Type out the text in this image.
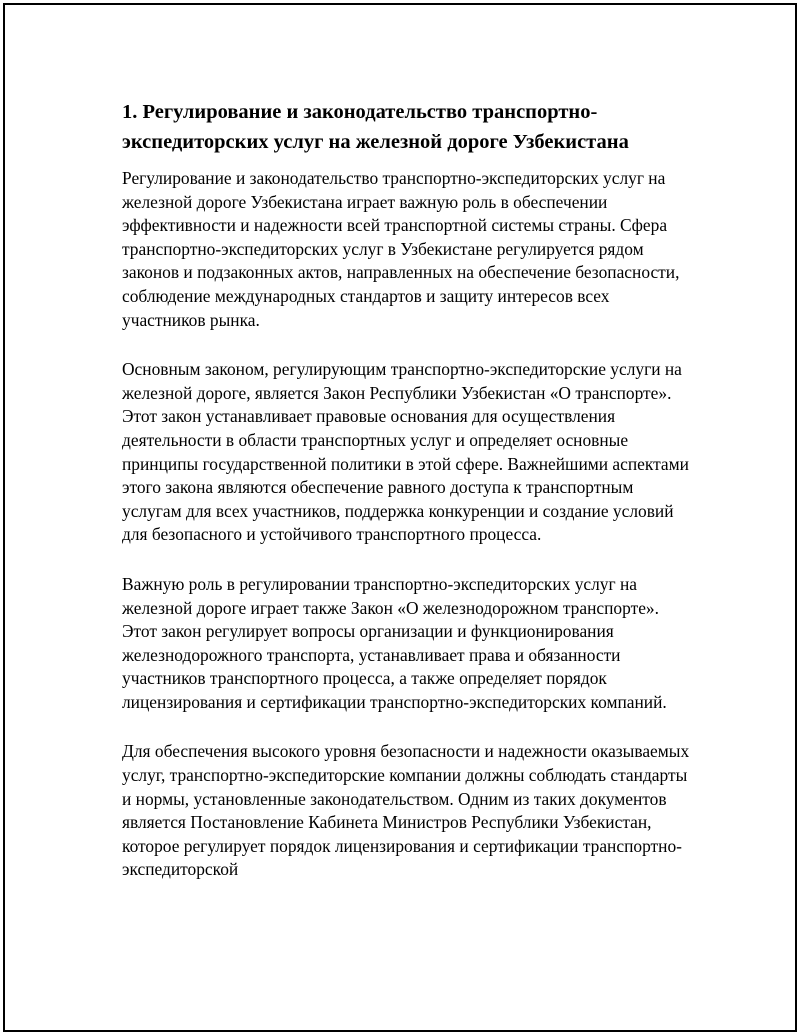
1. Регулирование и законодательство транспортно-экспедиторских услуг на железной дороге Узбекистана

Регулирование и законодательство транспортно-экспедиторских услуг на железной дороге Узбекистана играет важную роль в обеспечении эффективности и надежности всей транспортной системы страны. Сфера транспортно-экспедиторских услуг в Узбекистане регулируется рядом законов и подзаконных актов, направленных на обеспечение безопасности, соблюдение международных стандартов и защиту интересов всех участников рынка.

Основным законом, регулирующим транспортно-экспедиторские услуги на железной дороге, является Закон Республики Узбекистан «О транспорте». Этот закон устанавливает правовые основания для осуществления деятельности в области транспортных услуг и определяет основные принципы государственной политики в этой сфере. Важнейшими аспектами этого закона являются обеспечение равного доступа к транспортным услугам для всех участников, поддержка конкуренции и создание условий для безопасного и устойчивого транспортного процесса.

Важную роль в регулировании транспортно-экспедиторских услуг на железной дороге играет также Закон «О железнодорожном транспорте». Этот закон регулирует вопросы организации и функционирования железнодорожного транспорта, устанавливает права и обязанности участников транспортного процесса, а также определяет порядок лицензирования и сертификации транспортно-экспедиторских компаний.

Для обеспечения высокого уровня безопасности и надежности оказываемых услуг, транспортно-экспедиторские компании должны соблюдать стандарты и нормы, установленные законодательством. Одним из таких документов является Постановление Кабинета Министров Республики Узбекистан, которое регулирует порядок лицензирования и сертификации транспортно-экспедиторской
